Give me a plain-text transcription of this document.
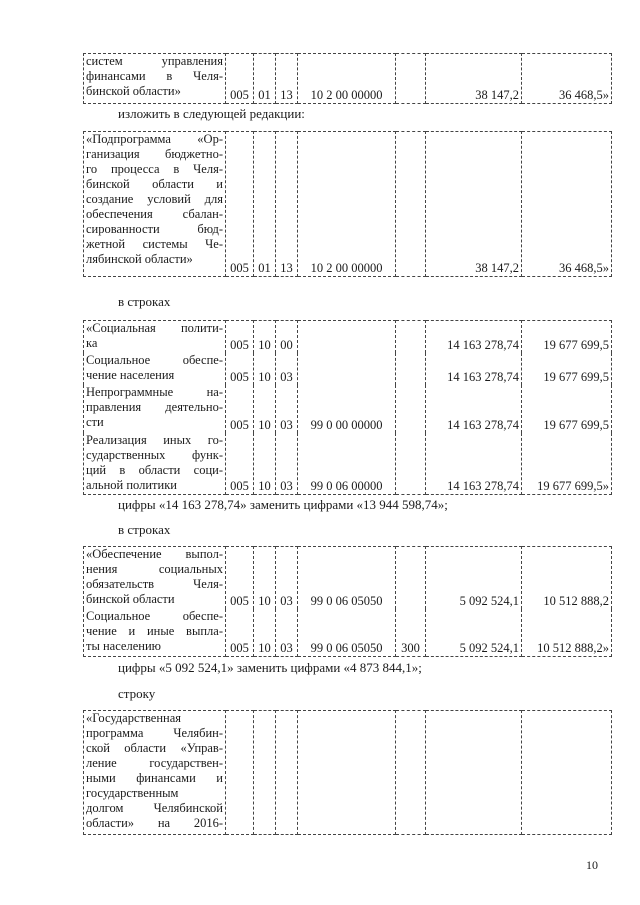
систем управления
финансами в Челя-
бинской области»	005	01	13	10 2 00 00000		38 147,2	36 468,5»
изложить в следующей редакции:
«Подпрограмма «Ор-
ганизация бюджетно-
го процесса в Челя-
бинской области и
создание условий для
обеспечения сбалан-
сированности бюд-
жетной системы Че-
лябинской области»
	005	01	13	10 2 00 00000		38 147,2	36 468,5»
в строках
«Социальная полити-
ка	005	10	00			14 163 278,74	19 677 699,5

Социальное обеспе-
чение населения	005	10	03			14 163 278,74	19 677 699,5

Непрограммные на-
правления деятельно-
сти	005	10	03	99 0 00 00000		14 163 278,74	19 677 699,5

Реализация иных го-
сударственных функ-
ций в области соци-
альной политики	005	10	03	99 0 06 00000		14 163 278,74	19 677 699,5»
цифры «14 163 278,74» заменить цифрами «13 944 598,74»;
в строках
«Обеспечение выпол-
нения социальных
обязательств Челя-
бинской области	005	10	03	99 0 06 05050		5 092 524,1	10 512 888,2

Социальное обеспе-
чение и иные выпла-
ты населению	005	10	03	99 0 06 05050	300	5 092 524,1	10 512 888,2»
цифры «5 092 524,1» заменить цифрами «4 873 844,1»;
строку
«Государственная
программа Челябин-
ской области «Управ-
ление государствен-
ными финансами и
государственным
долгом Челябинской
области» на 2016-

10
